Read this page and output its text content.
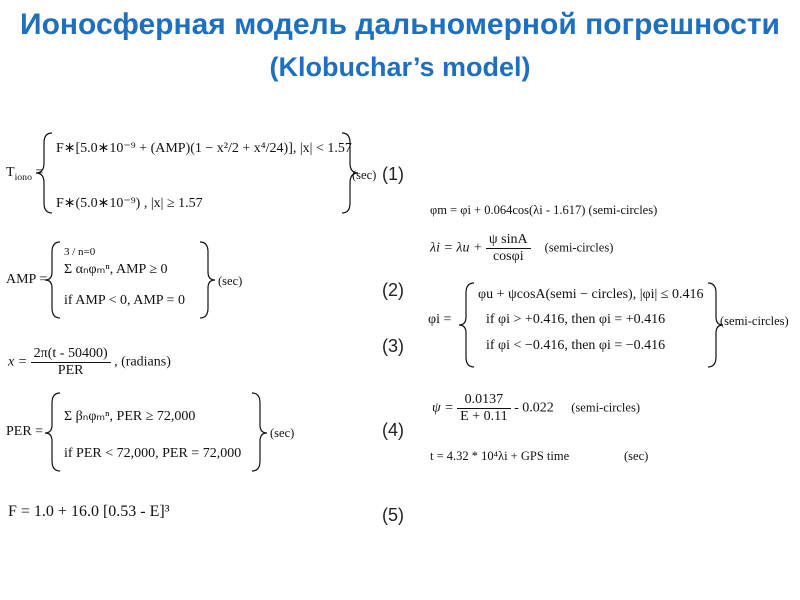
Ионосферная модель дальномерной погрешности
(Klobuchar’s model)
$T_{iono}$ =
F∗[5.0∗10⁻⁹ + (AMP)(1 − x²/2 + x⁴/24)], |x| < 1.57
F∗(5.0∗10⁻⁹) , |x| ≥ 1.57
(sec)
AMP =
3 / n=0
Σ αₙφₘⁿ, AMP ≥ 0
if AMP < 0, AMP = 0
(sec)
$x = \frac{2\pi(t - 50400)}{\text{PER}}$ , (radians)
PER =
Σ βₙφₘⁿ, PER ≥ 72,000
if PER < 72,000, PER = 72,000
(sec)
F = 1.0 + 16.0 [0.53 - E]³
(1)
(2)
(3)
(4)
(5)
φm = φi + 0.064cos(λi - 1.617) (semi-circles)
$\lambda i = \lambda u + \frac{\text{ψ sinA}}{\cos\varphi i}$ (semi-circles)
φi =
φu + ψcosA(semi − circles), |φi| ≤ 0.416
if φi > +0.416, then φi = +0.416
if φi < −0.416, then φi = −0.416
(semi-circles)
$\psi = \frac{0.0137}{E + 0.11} - 0.022$ (semi-circles)
t = 4.32 * 10⁴λi + GPS time	(sec)
